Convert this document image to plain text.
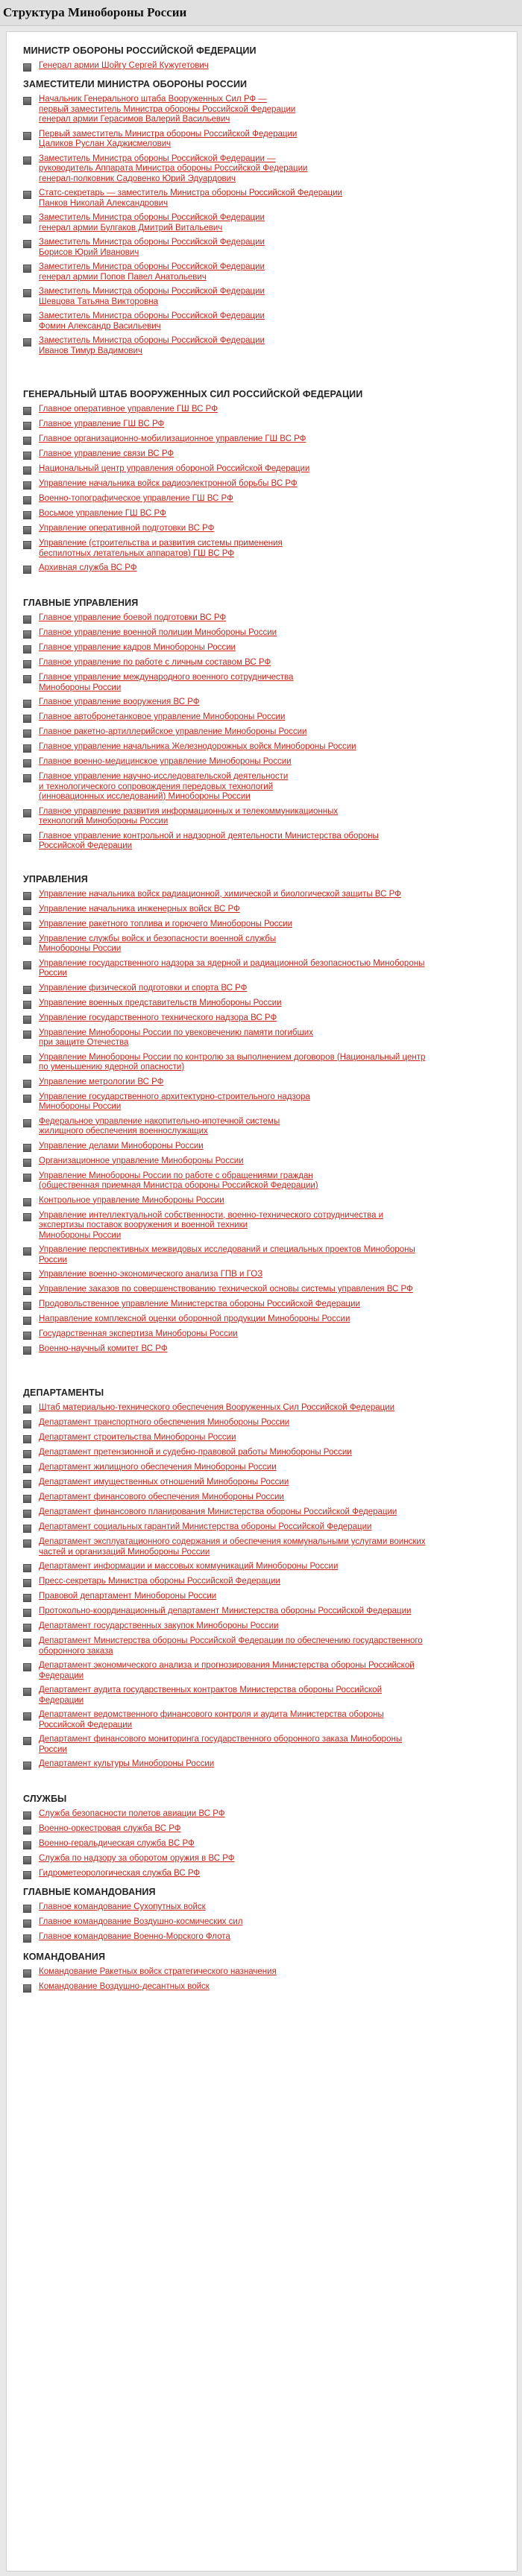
Структура Минобороны России
МИНИСТР ОБОРОНЫ РОССИЙСКОЙ ФЕДЕРАЦИИ
Генерал армии Шойгу Сергей Кужугетович
ЗАМЕСТИТЕЛИ МИНИСТРА ОБОРОНЫ РОССИИ
Начальник Генерального штаба Вооруженных Сил РФ —
первый заместитель Министра обороны Российской Федерации
генерал армии Герасимов Валерий Васильевич
Первый заместитель Министра обороны Российской Федерации
Цаликов Руслан Хаджисмелович
Заместитель Министра обороны Российской Федерации —
руководитель Аппарата Министра обороны Российской Федерации
генерал-полковник Садовенко Юрий Эдуардович
Статс-секретарь — заместитель Министра обороны Российской Федерации
Панков Николай Александрович
Заместитель Министра обороны Российской Федерации
генерал армии Булгаков Дмитрий Витальевич
Заместитель Министра обороны Российской Федерации
Борисов Юрий Иванович
Заместитель Министра обороны Российской Федерации
генерал армии Попов Павел Анатольевич
Заместитель Министра обороны Российской Федерации
Шевцова Татьяна Викторовна
Заместитель Министра обороны Российской Федерации
Фомин Александр Васильевич
Заместитель Министра обороны Российской Федерации
Иванов Тимур Вадимович
ГЕНЕРАЛЬНЫЙ ШТАБ ВООРУЖЕННЫХ СИЛ РОССИЙСКОЙ ФЕДЕРАЦИИ
Главное оперативное управление ГШ ВС РФ
Главное управление ГШ ВС РФ
Главное организационно-мобилизационное управление ГШ ВС РФ
Главное управление связи ВС РФ
Национальный центр управления обороной Российской Федерации
Управление начальника войск радиоэлектронной борьбы ВС РФ
Военно-топографическое управление ГШ ВС РФ
Восьмое управление ГШ ВС РФ
Управление оперативной подготовки ВС РФ
Управление (строительства и развития системы применения
беспилотных летательных аппаратов) ГШ ВС РФ
Архивная служба ВС РФ
ГЛАВНЫЕ УПРАВЛЕНИЯ
Главное управление боевой подготовки ВС РФ
Главное управление военной полиции Минобороны России
Главное управление кадров Минобороны России
Главное управление по работе с личным составом ВС РФ
Главное управление международного военного сотрудничества
Минобороны России
Главное управление вооружения ВС РФ
Главное автобронетанковое управление Минобороны России
Главное ракетно-артиллерийское управление Минобороны России
Главное управление начальника Железнодорожных войск Минобороны России
Главное военно-медицинское управление Минобороны России
Главное управление научно-исследовательской деятельности
и технологического сопровождения передовых технологий
(инновационных исследований) Минобороны России
Главное управление развития информационных и телекоммуникационных
технологий Минобороны России
Главное управление контрольной и надзорной деятельности Министерства обороны
Российской Федерации
УПРАВЛЕНИЯ
Управление начальника войск радиационной, химической и биологической защиты ВС РФ
Управление начальника инженерных войск ВС РФ
Управление ракетного топлива и горючего Минобороны России
Управление службы войск и безопасности военной службы
Минобороны России
Управление государственного надзора за ядерной и радиационной безопасностью Минобороны
России
Управление физической подготовки и спорта ВС РФ
Управление военных представительств Минобороны России
Управление государственного технического надзора ВС РФ
Управление Минобороны России по увековечению памяти погибших
при защите Отечества
Управление Минобороны России по контролю за выполнением договоров (Национальный центр
по уменьшению ядерной опасности)
Управление метрологии ВС РФ
Управление государственного архитектурно-строительного надзора
Минобороны России
Федеральное управление накопительно-ипотечной системы
жилищного обеспечения военнослужащих
Управление делами Минобороны России
Организационное управление Минобороны России
Управление Минобороны России по работе с обращениями граждан
(общественная приемная Министра обороны Российской Федерации)
Контрольное управление Минобороны России
Управление интеллектуальной собственности, военно-технического сотрудничества и
экспертизы поставок вооружения и военной техники
Минобороны России
Управление перспективных межвидовых исследований и специальных проектов Минобороны
России
Управление военно-экономического анализа ГПВ и ГОЗ
Управление заказов по совершенствованию технической основы системы управления ВС РФ
Продовольственное управление Министерства обороны Российской Федерации
Направление комплексной оценки оборонной продукции Минобороны России
Государственная экспертиза Минобороны России
Военно-научный комитет ВС РФ
ДЕПАРТАМЕНТЫ
Штаб материально-технического обеспечения Вооруженных Сил Российской Федерации
Департамент транспортного обеспечения Минобороны России
Департамент строительства Минобороны России
Департамент претензионной и судебно-правовой работы Минобороны России
Департамент жилищного обеспечения Минобороны России
Департамент имущественных отношений Минобороны России
Департамент финансового обеспечения Минобороны России
Департамент финансового планирования Министерства обороны Российской Федерации
Департамент социальных гарантий Министерства обороны Российской Федерации
Департамент эксплуатационного содержания и обеспечения коммунальными услугами воинских
частей и организаций Минобороны России
Департамент информации и массовых коммуникаций Минобороны России
Пресс-секретарь Министра обороны Российской Федерации
Правовой департамент Минобороны России
Протокольно-координационный департамент Министерства обороны Российской Федерации
Департамент государственных закупок Минобороны России
Департамент Министерства обороны Российской Федерации по обеспечению государственного
оборонного заказа
Департамент экономического анализа и прогнозирования Министерства обороны Российской
Федерации
Департамент аудита государственных контрактов Министерства обороны Российской
Федерации
Департамент ведомственного финансового контроля и аудита Министерства обороны
Российской Федерации
Департамент финансового мониторинга государственного оборонного заказа Минобороны
России
Департамент культуры Минобороны России
СЛУЖБЫ
Служба безопасности полетов авиации ВС РФ
Военно-оркестровая служба ВС РФ
Военно-геральдическая служба ВС РФ
Служба по надзору за оборотом оружия в ВС РФ
Гидрометеорологическая служба ВС РФ
ГЛАВНЫЕ КОМАНДОВАНИЯ
Главное командование Сухопутных войск
Главное командование Воздушно-космических сил
Главное командование Военно-Морского Флота
КОМАНДОВАНИЯ
Командование Ракетных войск стратегического назначения
Командование Воздушно-десантных войск
